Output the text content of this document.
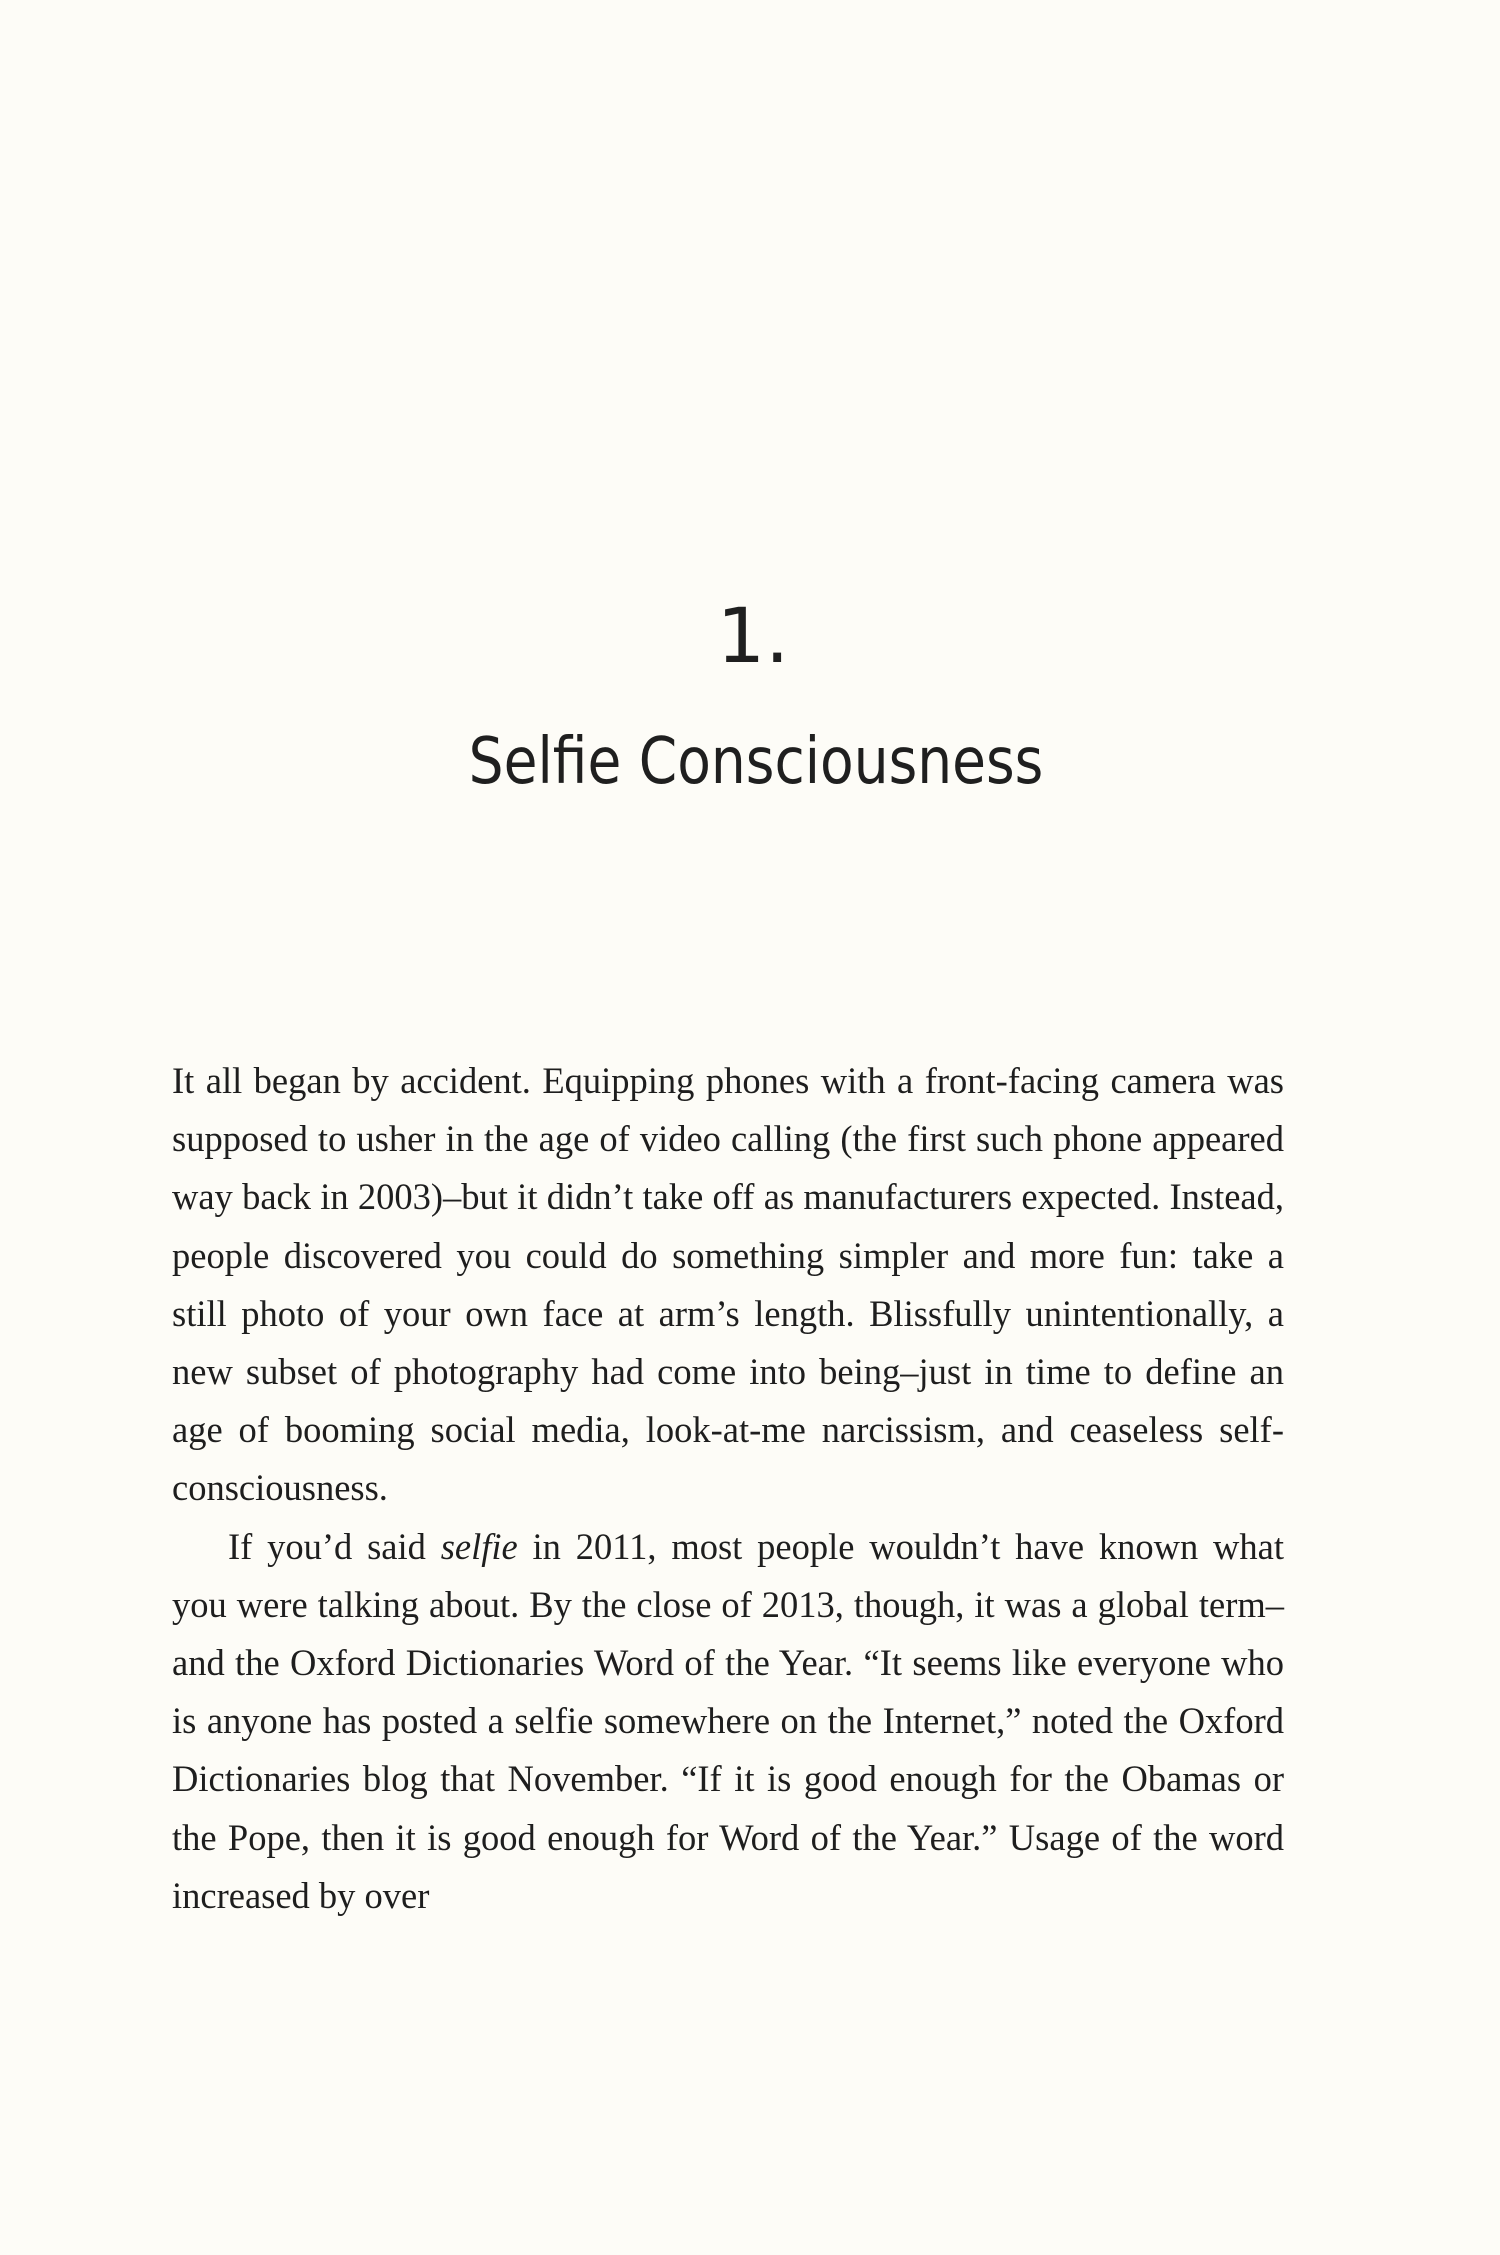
1.
Selfie Consciousness

It all began by accident. Equipping phones with a front-facing camera was supposed to usher in the age of video calling (the first such phone appeared way back in 2003)–but it didn’t take off as manufacturers expected. Instead, people discovered you could do something simpler and more fun: take a still photo of your own face at arm’s length. Blissfully unintentionally, a new subset of photography had come into being–just in time to define an age of booming social media, look-at-me narcissism, and ceaseless self-consciousness.

If you’d said selfie in 2011, most people wouldn’t have known what you were talking about. By the close of 2013, though, it was a global term–and the Oxford Dictionaries Word of the Year. “It seems like everyone who is anyone has posted a selfie somewhere on the Internet,” noted the Oxford Dictionaries blog that November. “If it is good enough for the Obamas or the Pope, then it is good enough for Word of the Year.” Usage of the word increased by over
